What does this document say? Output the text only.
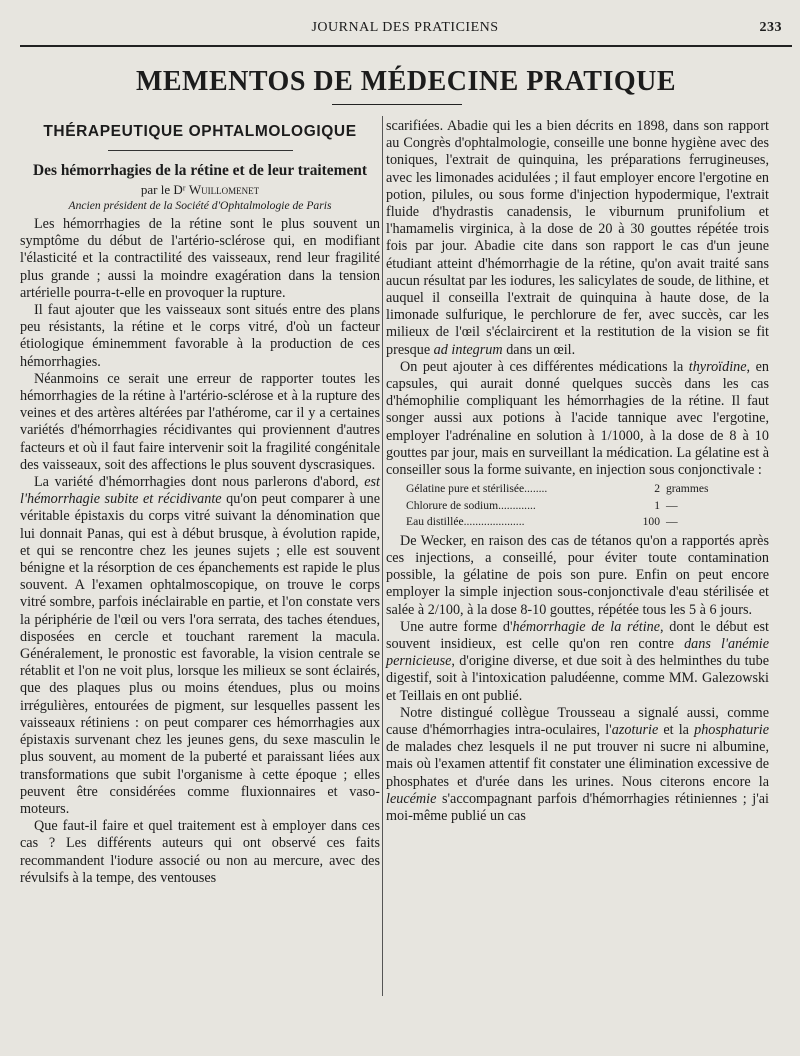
JOURNAL DES PRATICIENS	233
MEMENTOS DE MÉDECINE PRATIQUE
THÉRAPEUTIQUE OPHTALMOLOGIQUE
Des hémorrhagies de la rétine et de leur traitement
par le Dʳ Wuillomenet
Ancien président de la Société d'Ophtalmologie de Paris

Les hémorrhagies de la rétine sont le plus souvent un symptôme du début de l'artério-sclérose qui, en modifiant l'élasticité et la contractilité des vaisseaux, rend leur fragilité plus grande ; aussi la moindre exagération dans la tension artérielle pourra-t-elle en provoquer la rupture.

Il faut ajouter que les vaisseaux sont situés entre des plans peu résistants, la rétine et le corps vitré, d'où un facteur étiologique éminemment favorable à la production de ces hémorrhagies.

Néanmoins ce serait une erreur de rapporter toutes les hémorrhagies de la rétine à l'artério-sclérose et à la rupture des veines et des artères altérées par l'athérome, car il y a certaines variétés d'hémorrhagies récidivantes qui proviennent d'autres facteurs et où il faut faire intervenir soit la fragilité congénitale des vaisseaux, soit des affections le plus souvent dyscrasiques.

La variété d'hémorrhagies dont nous parlerons d'abord, est l'hémorrhagie subite et récidivante qu'on peut comparer à une véritable épistaxis du corps vitré suivant la dénomination que lui donnait Panas, qui est à début brusque, à évolution rapide, et qui se rencontre chez les jeunes sujets ; elle est souvent bénigne et la résorption de ces épanchements est rapide le plus souvent. A l'examen ophtalmoscopique, on trouve le corps vitré sombre, parfois inéclairable en partie, et l'on constate vers la périphérie de l'œil ou vers l'ora serrata, des taches étendues, disposées en cercle et touchant rarement la macula. Généralement, le pronostic est favorable, la vision centrale se rétablit et l'on ne voit plus, lorsque les milieux se sont éclairés, que des plaques plus ou moins étendues, plus ou moins irrégulières, entourées de pigment, sur lesquelles passent les vaisseaux rétiniens : on peut comparer ces hémorrhagies aux épistaxis survenant chez les jeunes gens, du sexe masculin le plus souvent, au moment de la puberté et paraissant liées aux transformations que subit l'organisme à cette époque ; elles peuvent être considérées comme fluxionnaires et vaso-moteurs.

Que faut-il faire et quel traitement est à employer dans ces cas ? Les différents auteurs qui ont observé ces faits recommandent l'iodure associé ou non au mercure, avec des révulsifs à la tempe, des ventouses

scarifiées. Abadie qui les a bien décrits en 1898, dans son rapport au Congrès d'ophtalmologie, conseille une bonne hygiène avec des toniques, l'extrait de quinquina, les préparations ferrugineuses, avec les limonades acidulées ; il faut employer encore l'ergotine en potion, pilules, ou sous forme d'injection hypodermique, l'extrait fluide d'hydrastis canadensis, le viburnum prunifolium et l'hamamelis virginica, à la dose de 20 à 30 gouttes répétée trois fois par jour. Abadie cite dans son rapport le cas d'un jeune étudiant atteint d'hémorrhagie de la rétine, qu'on avait traité sans aucun résultat par les iodures, les salicylates de soude, de lithine, et auquel il conseilla l'extrait de quinquina à haute dose, de la limonade sulfurique, le perchlorure de fer, avec succès, car les milieux de l'œil s'éclaircirent et la restitution de la vision se fit presque ad integrum dans un œil.

On peut ajouter à ces différentes médications la thyroïdine, en capsules, qui aurait donné quelques succès dans les cas d'hémophilie compliquant les hémorrhagies de la rétine. Il faut songer aussi aux potions à l'acide tannique avec l'ergotine, employer l'adrénaline en solution à 1/1000, à la dose de 8 à 10 gouttes par jour, mais en surveillant la médication. La gélatine est à conseiller sous la forme suivante, en injection sous conjonctivale :

Gélatine pure et stérilisée........	2 grammes
Chlorure de sodium.............	1 —
Eau distillée.....................	100 —

De Wecker, en raison des cas de tétanos qu'on a rapportés après ces injections, a conseillé, pour éviter toute contamination possible, la gélatine de pois son pure. Enfin on peut encore employer la simple injection sous-conjonctivale d'eau stérilisée et salée à 2/100, à la dose 8-10 gouttes, répétée tous les 5 à 6 jours.

Une autre forme d'hémorrhagie de la rétine, dont le début est souvent insidieux, est celle qu'on ren contre dans l'anémie pernicieuse, d'origine diverse, et due soit à des helminthes du tube digestif, soit à l'intoxication paludéenne, comme MM. Galezowski et Teillais en ont publié.

Notre distingué collègue Trousseau a signalé aussi, comme cause d'hémorrhagies intra-oculaires, l'azoturie et la phosphaturie de malades chez lesquels il ne put trouver ni sucre ni albumine, mais où l'examen attentif fit constater une élimination excessive de phosphates et d'urée dans les urines. Nous citerons encore la leucémie s'accompagnant parfois d'hémorrhagies rétiniennes ; j'ai moi-même publié un cas
